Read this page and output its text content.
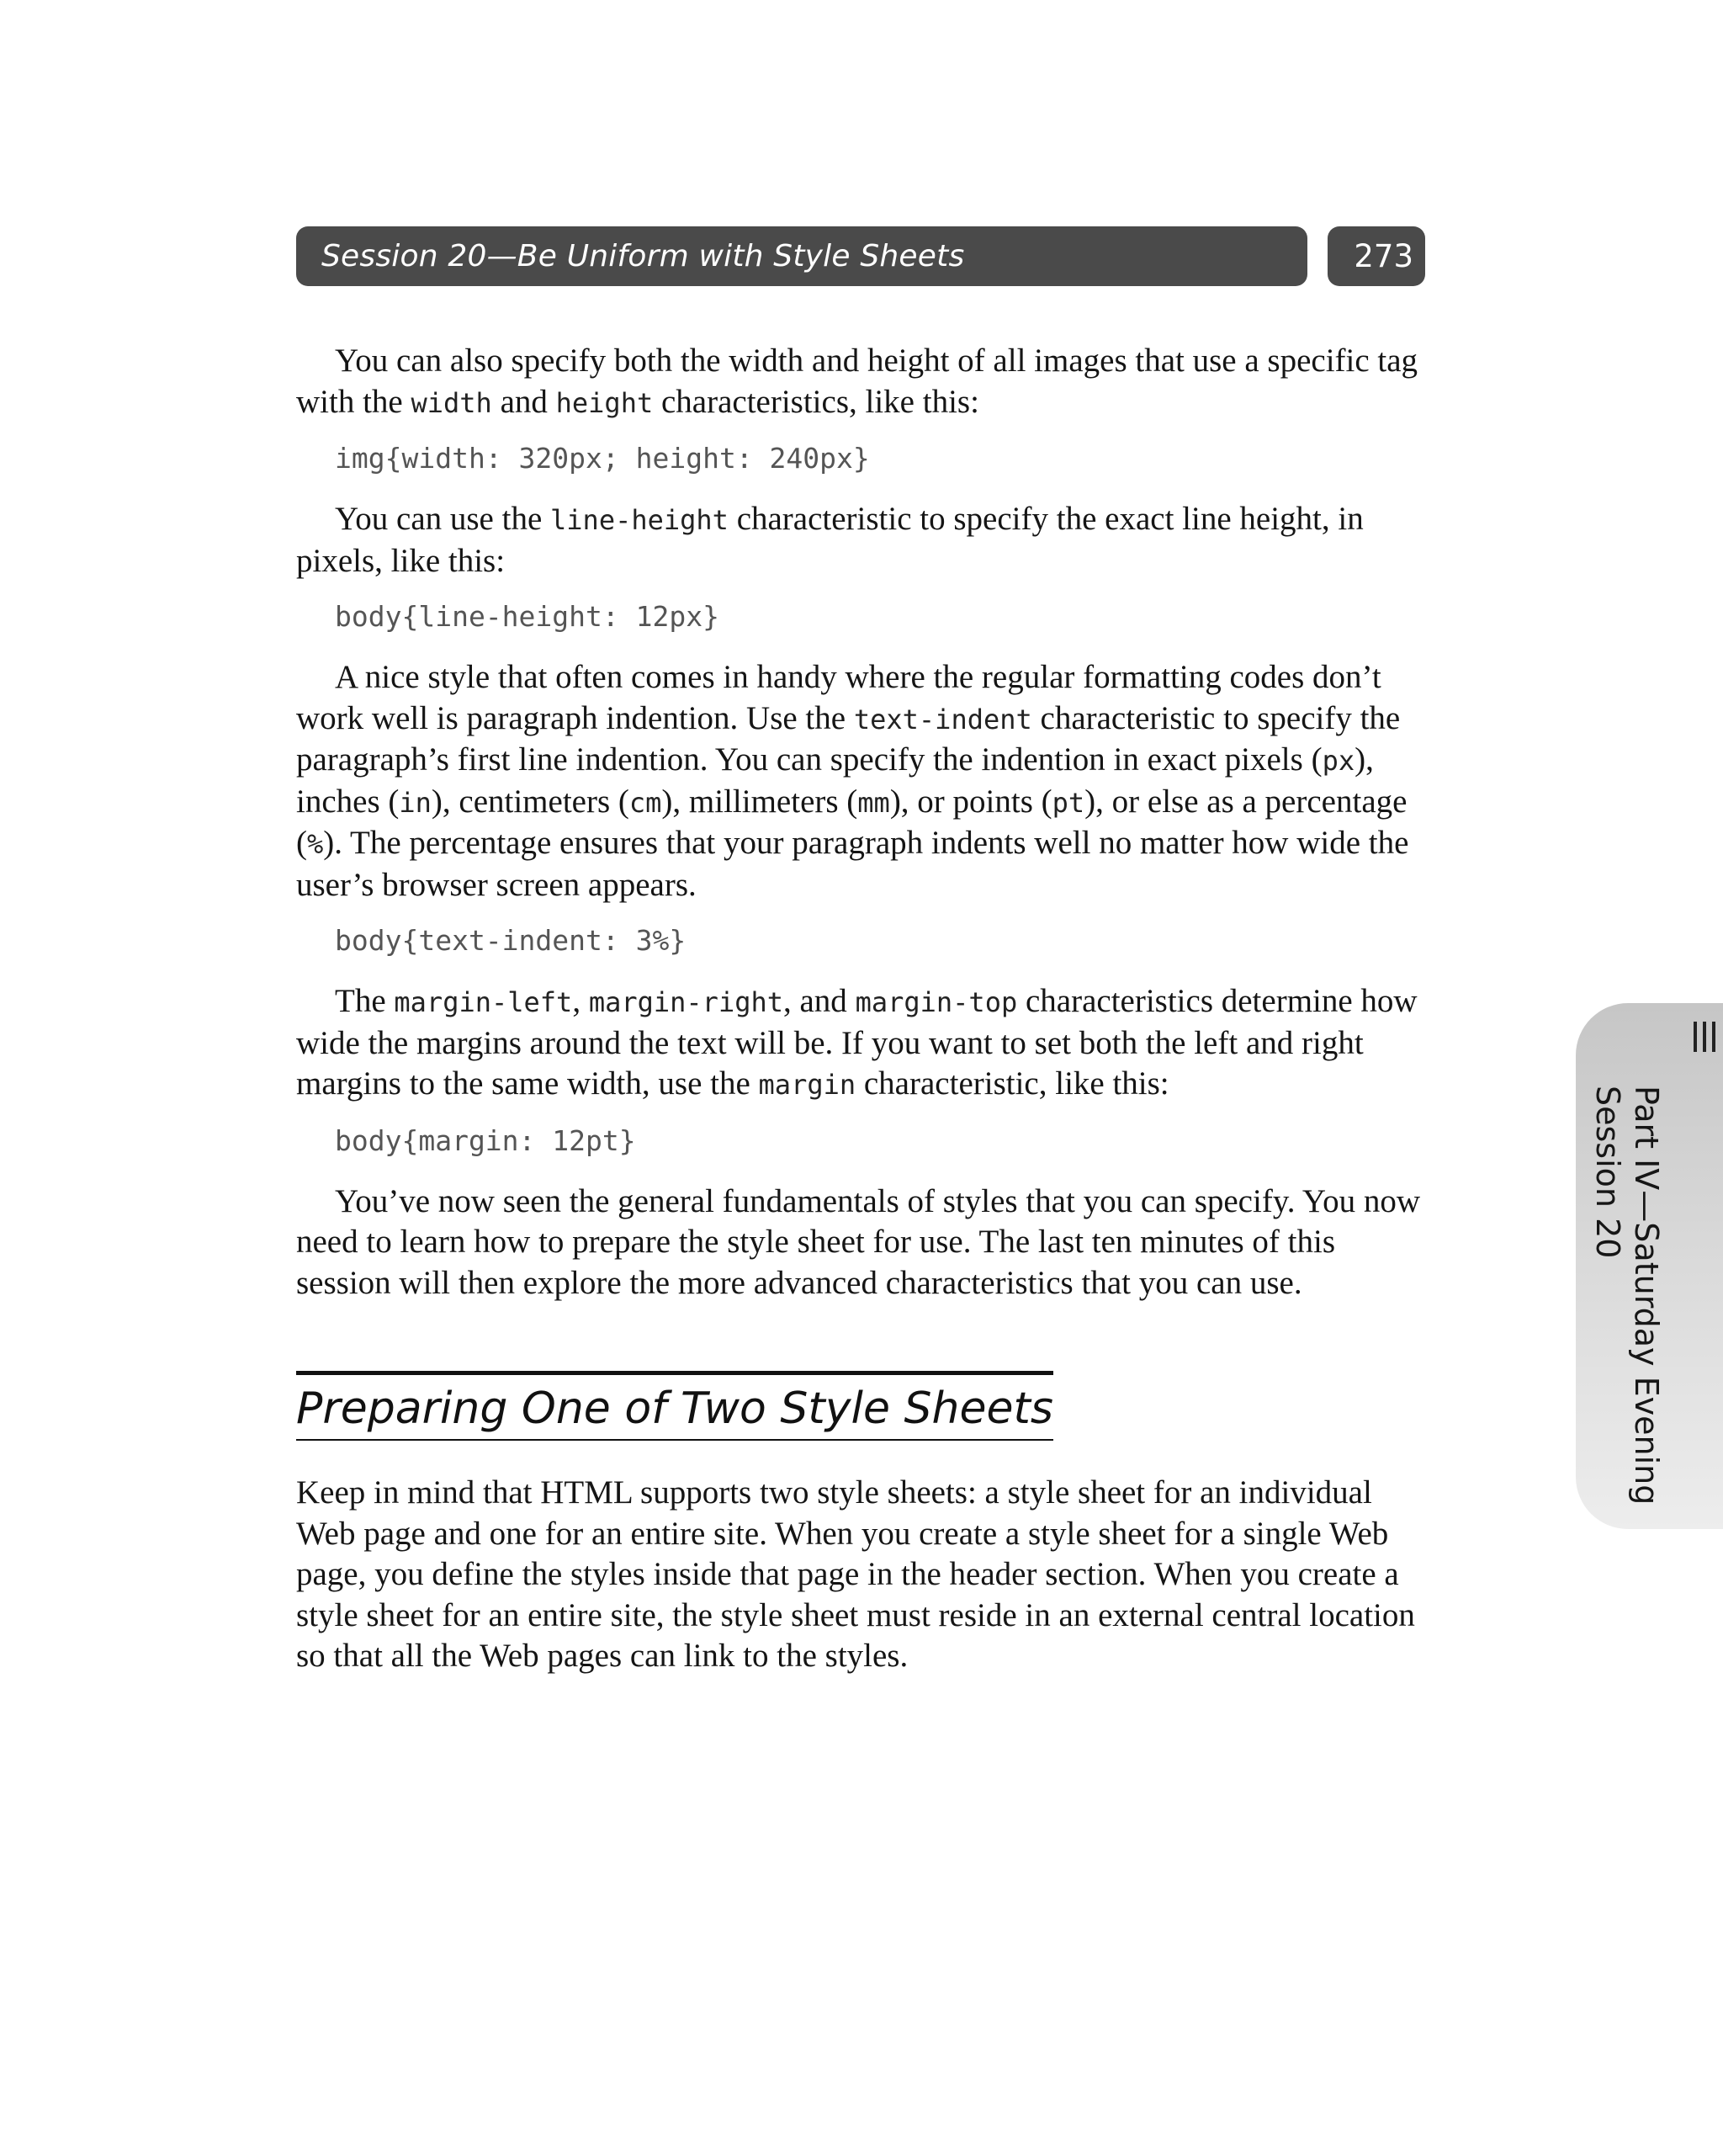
Session 20—Be Uniform with Style Sheets	273

You can also specify both the width and height of all images that use a specific tag with the width and height characteristics, like this:

img{width: 320px; height: 240px}

You can use the line-height characteristic to specify the exact line height, in pixels, like this:

body{line-height: 12px}

A nice style that often comes in handy where the regular formatting codes don’t work well is paragraph indention. Use the text-indent characteristic to specify the paragraph’s first line indention. You can specify the indention in exact pixels (px), inches (in), centimeters (cm), millimeters (mm), or points (pt), or else as a percentage (%). The percentage ensures that your paragraph indents well no matter how wide the user’s browser screen appears.

body{text-indent: 3%}

The margin-left, margin-right, and margin-top characteristics determine how wide the margins around the text will be. If you want to set both the left and right margins to the same width, use the margin characteristic, like this:

body{margin: 12pt}

You’ve now seen the general fundamentals of styles that you can specify. You now need to learn how to prepare the style sheet for use. The last ten minutes of this session will then explore the more advanced characteristics that you can use.

Preparing One of Two Style Sheets

Keep in mind that HTML supports two style sheets: a style sheet for an individual Web page and one for an entire site. When you create a style sheet for a single Web page, you define the styles inside that page in the header section. When you create a style sheet for an entire site, the style sheet must reside in an external central location so that all the Web pages can link to the styles.

Part IV—Saturday Evening
Session 20
